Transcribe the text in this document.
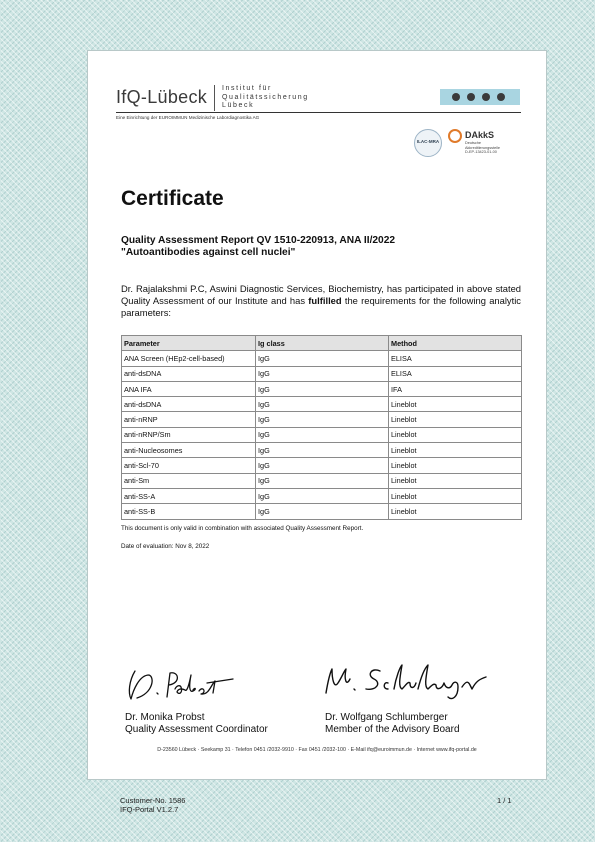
IfQ-Lübeck Institut für
Qualitätssicherung
Lübeck
Eine Einrichtung der EUROIMMUN Medizinische Labordiagnostika AG
ILAC-MRA
DAkkS
Deutsche
Akkreditierungsstelle
D-EP-13423-01-00
Certificate
Quality Assessment Report QV 1510-220913, ANA II/2022
"Autoantibodies against cell nuclei"
Dr. Rajalakshmi P.C, Aswini Diagnostic Services, Biochemistry, has participated in above stated Quality Assessment of our Institute and has fulfilled the requirements for the following analytic parameters:
Parameter	Ig class	Method
ANA Screen (HEp2-cell-based)	IgG	ELISA
anti-dsDNA	IgG	ELISA
ANA IFA	IgG	IFA
anti-dsDNA	IgG	Lineblot
anti-nRNP	IgG	Lineblot
anti-nRNP/Sm	IgG	Lineblot
anti-Nucleosomes	IgG	Lineblot
anti-Scl-70	IgG	Lineblot
anti-Sm	IgG	Lineblot
anti-SS-A	IgG	Lineblot
anti-SS-B	IgG	Lineblot
This document is only valid in combination with associated Quality Assessment Report.
Date of evaluation: Nov 8, 2022
Dr. Monika Probst
Quality Assessment Coordinator
Dr. Wolfgang Schlumberger
Member of the Advisory Board
D-23560 Lübeck · Seekamp 31 · Telefon 0451 /2032-9910 · Fax 0451 /2032-100 · E-Mail ifq@euroimmun.de · Internet www.ifq-portal.de
Customer-No. 1586
IFQ-Portal V1.2.7
1 / 1
